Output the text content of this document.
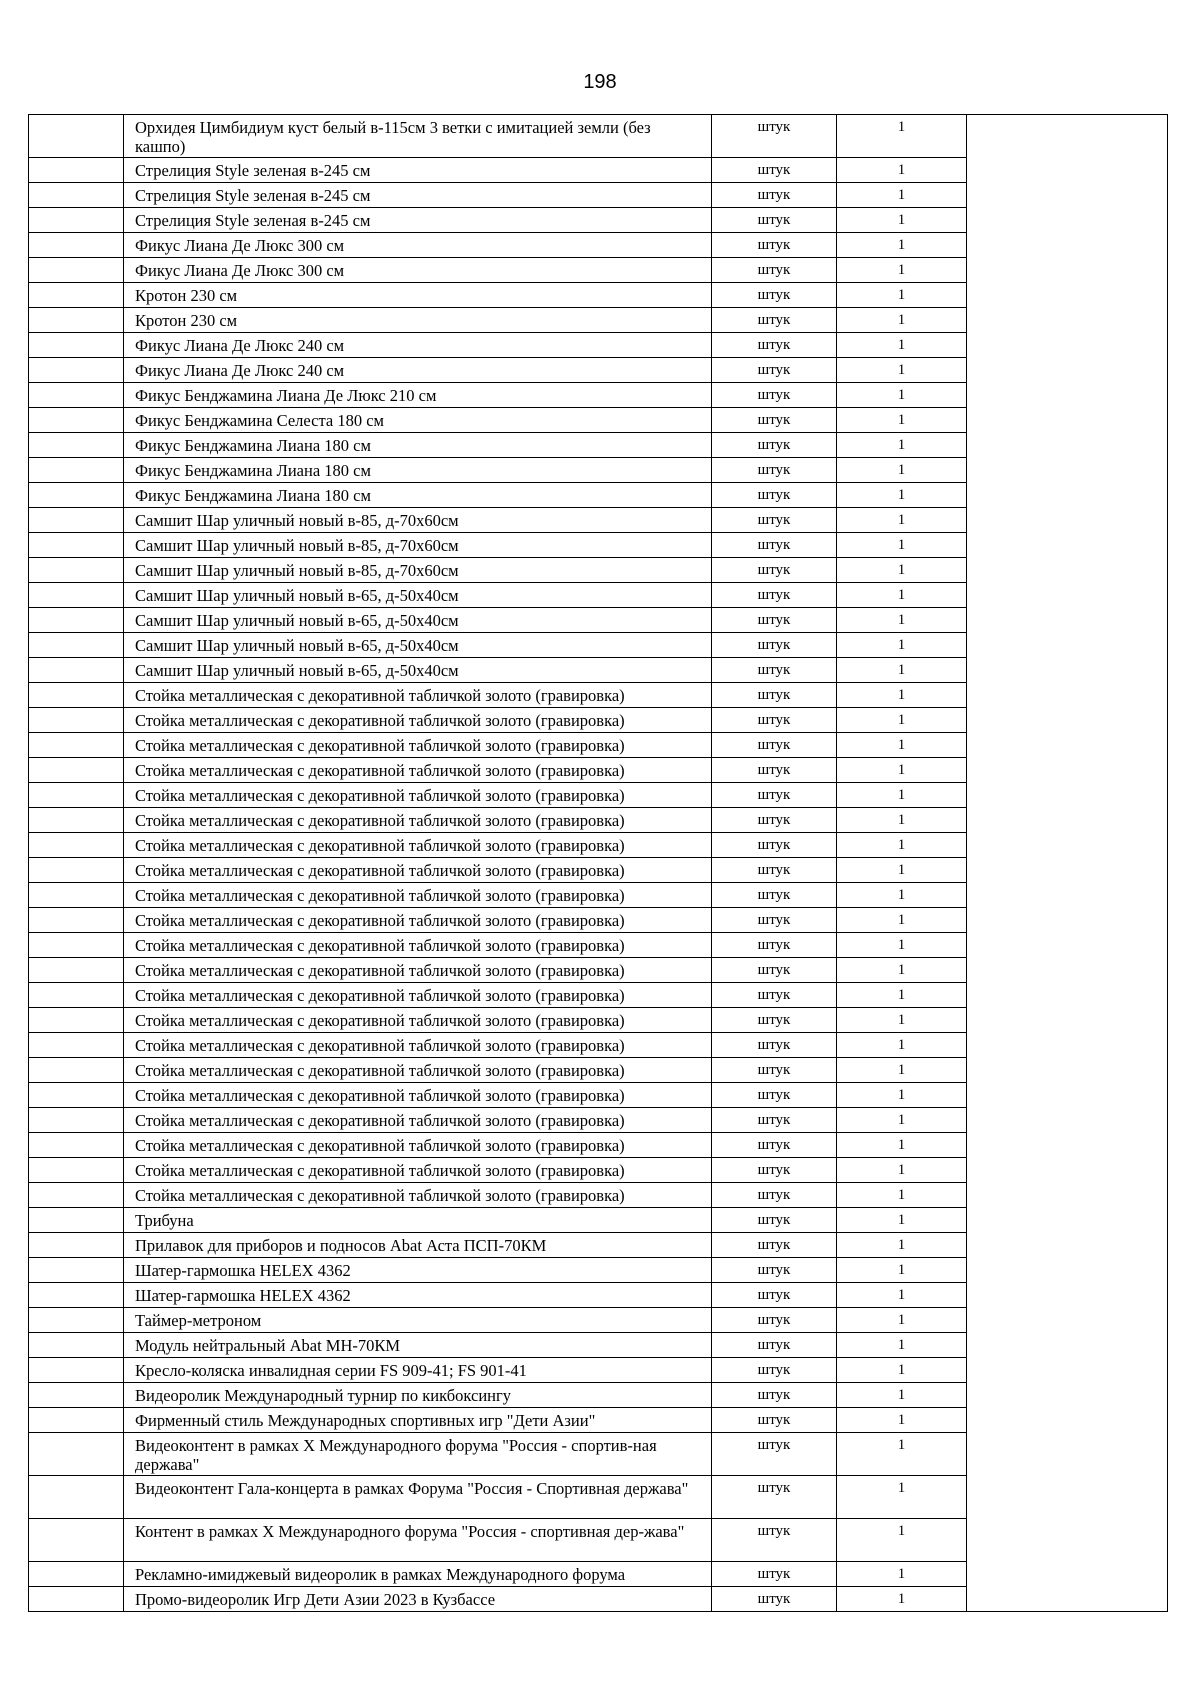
198
	Орхидея Цимбидиум куст белый в-115см 3 ветки с имитацией земли (без кашпо)	штук	1	
	Стрелиция Style зеленая в-245 см	штук	1	
	Стрелиция Style зеленая в-245 см	штук	1	
	Стрелиция Style зеленая в-245 см	штук	1	
	Фикус Лиана Де Люкс 300 см	штук	1	
	Фикус Лиана Де Люкс 300 см	штук	1	
	Кротон 230 см	штук	1	
	Кротон 230 см	штук	1	
	Фикус Лиана Де Люкс 240 см	штук	1	
	Фикус Лиана Де Люкс 240 см	штук	1	
	Фикус Бенджамина Лиана Де Люкс 210 см	штук	1	
	Фикус Бенджамина Селеста 180 см	штук	1	
	Фикус Бенджамина Лиана 180 см	штук	1	
	Фикус Бенджамина Лиана 180 см	штук	1	
	Фикус Бенджамина Лиана 180 см	штук	1	
	Самшит Шар уличный новый в-85, д-70х60см	штук	1	
	Самшит Шар уличный новый в-85, д-70х60см	штук	1	
	Самшит Шар уличный новый в-85, д-70х60см	штук	1	
	Самшит Шар уличный новый в-65, д-50х40см	штук	1	
	Самшит Шар уличный новый в-65, д-50х40см	штук	1	
	Самшит Шар уличный новый в-65, д-50х40см	штук	1	
	Самшит Шар уличный новый в-65, д-50х40см	штук	1	
	Стойка металлическая с декоративной табличкой золото (гравировка)	штук	1	
	Стойка металлическая с декоративной табличкой золото (гравировка)	штук	1	
	Стойка металлическая с декоративной табличкой золото (гравировка)	штук	1	
	Стойка металлическая с декоративной табличкой золото (гравировка)	штук	1	
	Стойка металлическая с декоративной табличкой золото (гравировка)	штук	1	
	Стойка металлическая с декоративной табличкой золото (гравировка)	штук	1	
	Стойка металлическая с декоративной табличкой золото (гравировка)	штук	1	
	Стойка металлическая с декоративной табличкой золото (гравировка)	штук	1	
	Стойка металлическая с декоративной табличкой золото (гравировка)	штук	1	
	Стойка металлическая с декоративной табличкой золото (гравировка)	штук	1	
	Стойка металлическая с декоративной табличкой золото (гравировка)	штук	1	
	Стойка металлическая с декоративной табличкой золото (гравировка)	штук	1	
	Стойка металлическая с декоративной табличкой золото (гравировка)	штук	1	
	Стойка металлическая с декоративной табличкой золото (гравировка)	штук	1	
	Стойка металлическая с декоративной табличкой золото (гравировка)	штук	1	
	Стойка металлическая с декоративной табличкой золото (гравировка)	штук	1	
	Стойка металлическая с декоративной табличкой золото (гравировка)	штук	1	
	Стойка металлическая с декоративной табличкой золото (гравировка)	штук	1	
	Стойка металлическая с декоративной табличкой золото (гравировка)	штук	1	
	Стойка металлическая с декоративной табличкой золото (гравировка)	штук	1	
	Стойка металлическая с декоративной табличкой золото (гравировка)	штук	1	
	Трибуна	штук	1	
	Прилавок для приборов и подносов Abat Аста ПСП-70КМ	штук	1	
	Шатер-гармошка HELEX 4362	штук	1	
	Шатер-гармошка HELEX 4362	штук	1	
	Таймер-метроном	штук	1	
	Модуль нейтральный Abat МН-70КМ	штук	1	
	Кресло-коляска инвалидная серии FS 909-41; FS 901-41	штук	1	
	Видеоролик Международный турнир по кикбоксингу	штук	1	
	Фирменный стиль Международных спортивных игр "Дети Азии"	штук	1	
	Видеоконтент в рамках Х Международного форума "Россия - спортив-ная держава"	штук	1	
	Видеоконтент Гала-концерта в рамках Форума "Россия - Спортивная держава"	штук	1	
	Контент в рамках Х Международного форума "Россия - спортивная дер-жава"	штук	1	
	Рекламно-имиджевый видеоролик в рамках Международного форума	штук	1	
	Промо-видеоролик Игр Дети Азии 2023 в Кузбассе	штук	1	
